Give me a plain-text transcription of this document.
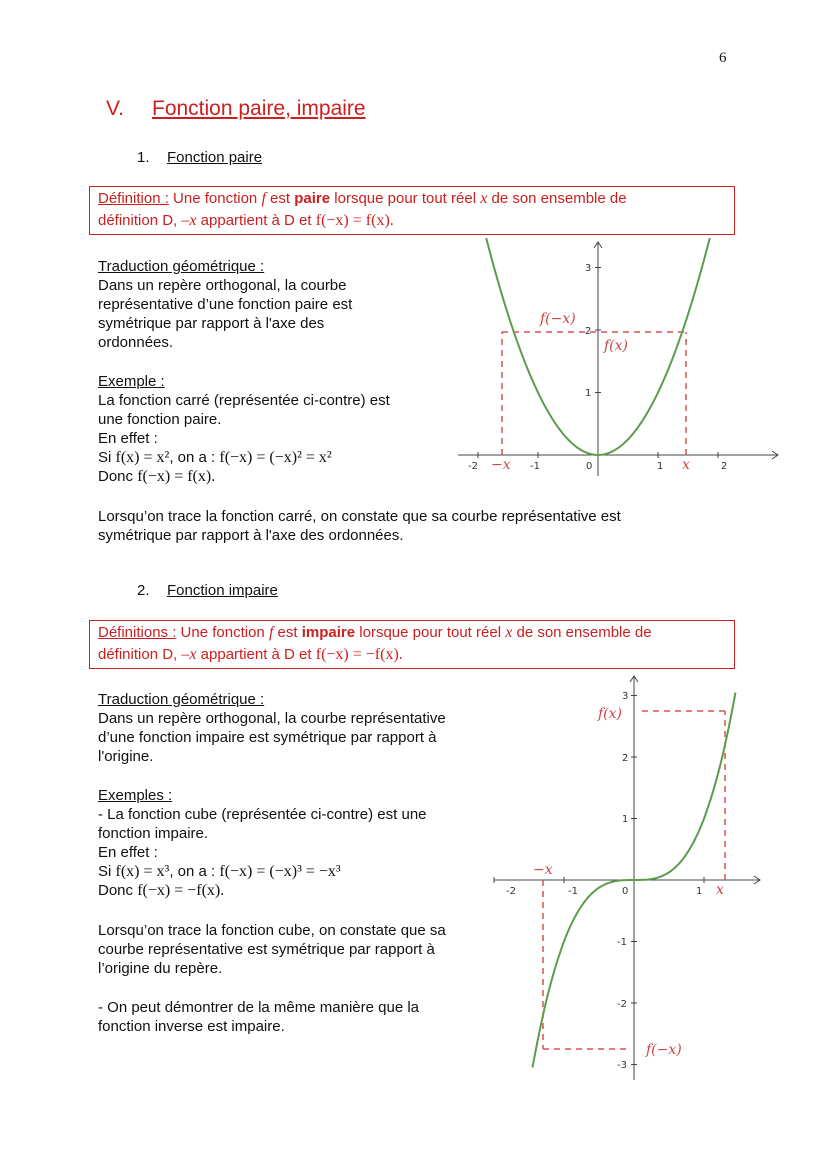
6
V. Fonction paire, impaire
1. Fonction paire
Définition : Une fonction f est paire lorsque pour tout réel x de son ensemble de
définition D, –x appartient à D et f(−x) = f(x).

Traduction géométrique :

Dans un repère orthogonal, la courbe

représentative d’une fonction paire est

symétrique par rapport à l'axe des

ordonnées.

Exemple :

La fonction carré (représentée ci-contre) est

une fonction paire.

En effet :

Si f(x) = x², on a : f(−x) = (−x)² = x²

Donc f(−x) = f(x).

-2	-1	0	1	2
1
2
3
f(−x)
f(x)
−x	x

Lorsqu’on trace la fonction carré, on constate que sa courbe représentative est

symétrique par rapport à l'axe des ordonnées.

2. Fonction impaire
Définitions : Une fonction f est impaire lorsque pour tout réel x de son ensemble de
définition D, –x appartient à D et f(−x) = −f(x).

Traduction géométrique :

Dans un repère orthogonal, la courbe représentative

d’une fonction impaire est symétrique par rapport à

l'origine.

Exemples :

- La fonction cube (représentée ci-contre) est une

fonction impaire.

En effet :

Si f(x) = x³, on a : f(−x) = (−x)³ = −x³

Donc f(−x) = −f(x).

Lorsqu’on trace la fonction cube, on constate que sa

courbe représentative est symétrique par rapport à

l’origine du repère.

- On peut démontrer de la même manière que la

fonction inverse est impaire.

-2	-1	0	1
3
2
1
-1
-2
-3
f(x)
f(−x)
−x
x
